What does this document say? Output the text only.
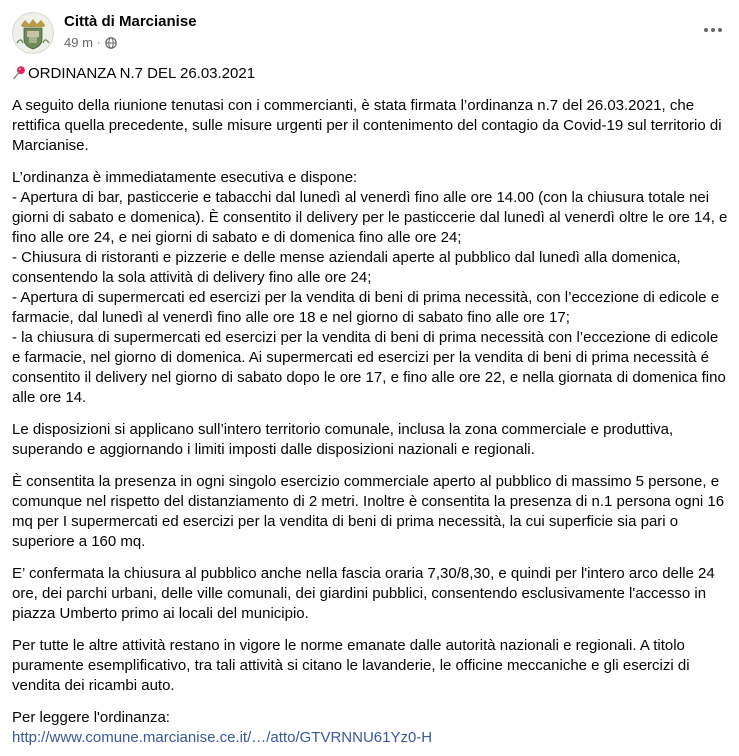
Città di Marcianise
49 m ·

ORDINANZA N.7 DEL 26.03.2021

A seguito della riunione tenutasi con i commercianti, è stata firmata l’ordinanza n.7 del 26.03.2021, che rettifica quella precedente, sulle misure urgenti per il contenimento del contagio da Covid-19 sul territorio di Marcianise.

L’ordinanza è immediatamente esecutiva e dispone:
- Apertura di bar, pasticcerie e tabacchi dal lunedì al venerdì fino alle ore 14.00 (con la chiusura totale nei giorni di sabato e domenica). È consentito il delivery per le pasticcerie dal lunedì al venerdì oltre le ore 14, e fino alle ore 24, e nei giorni di sabato e di domenica fino alle ore 24;
- Chiusura di ristoranti e pizzerie e delle mense aziendali aperte al pubblico dal lunedì alla domenica, consentendo la sola attività di delivery fino alle ore 24;
- Apertura di supermercati ed esercizi per la vendita di beni di prima necessità, con l’eccezione di edicole e farmacie, dal lunedì al venerdì fino alle ore 18 e nel giorno di sabato fino alle ore 17;
- la chiusura di supermercati ed esercizi per la vendita di beni di prima necessità con l’eccezione di edicole e farmacie, nel giorno di domenica. Ai supermercati ed esercizi per la vendita di beni di prima necessità é consentito il delivery nel giorno di sabato dopo le ore 17, e fino alle ore 22, e nella giornata di domenica fino alle ore 14.

Le disposizioni si applicano sull’intero territorio comunale, inclusa la zona commerciale e produttiva, superando e aggiornando i limiti imposti dalle disposizioni nazionali e regionali.

È consentita la presenza in ogni singolo esercizio commerciale aperto al pubblico di massimo 5 persone, e comunque nel rispetto del distanziamento di 2 metri. Inoltre è consentita la presenza di n.1 persona ogni 16 mq per I supermercati ed esercizi per la vendita di beni di prima necessità, la cui superficie sia pari o superiore a 160 mq.

E’ confermata la chiusura al pubblico anche nella fascia oraria 7,30/8,30, e quindi per l'intero arco delle 24 ore, dei parchi urbani, delle ville comunali, dei giardini pubblici, consentendo esclusivamente l'accesso in piazza Umberto primo ai locali del municipio.

Per tutte le altre attività restano in vigore le norme emanate dalle autorità nazionali e regionali. A titolo puramente esemplificativo, tra tali attività si citano le lavanderie, le officine meccaniche e gli esercizi di vendita dei ricambi auto.

Per leggere l'ordinanza:
http://www.comune.marcianise.ce.it/…/atto/GTVRNNU61Yz0-H
